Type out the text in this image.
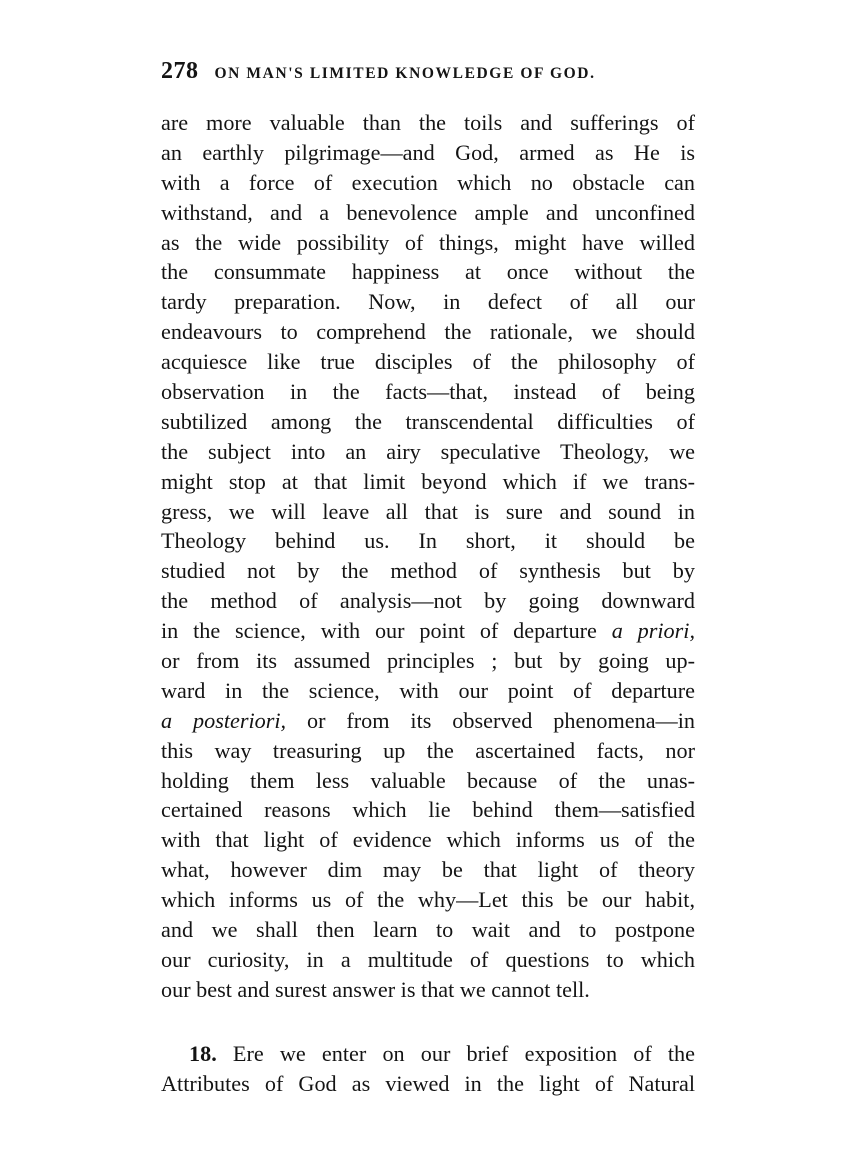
278 ON MAN'S LIMITED KNOWLEDGE OF GOD.
are more valuable than the toils and sufferings of
an earthly pilgrimage—and God, armed as He is
with a force of execution which no obstacle can
withstand, and a benevolence ample and unconfined
as the wide possibility of things, might have willed
the consummate happiness at once without the
tardy preparation. Now, in defect of all our
endeavours to comprehend the rationale, we should
acquiesce like true disciples of the philosophy of
observation in the facts—that, instead of being
subtilized among the transcendental difficulties of
the subject into an airy speculative Theology, we
might stop at that limit beyond which if we trans-
gress, we will leave all that is sure and sound in
Theology behind us. In short, it should be
studied not by the method of synthesis but by
the method of analysis—not by going downward
in the science, with our point of departure a priori,
or from its assumed principles ; but by going up-
ward in the science, with our point of departure
a posteriori, or from its observed phenomena—in
this way treasuring up the ascertained facts, nor
holding them less valuable because of the unas-
certained reasons which lie behind them—satisfied
with that light of evidence which informs us of the
what, however dim may be that light of theory
which informs us of the why—Let this be our habit,
and we shall then learn to wait and to postpone
our curiosity, in a multitude of questions to which
our best and surest answer is that we cannot tell.
18. Ere we enter on our brief exposition of the
Attributes of God as viewed in the light of Natural
